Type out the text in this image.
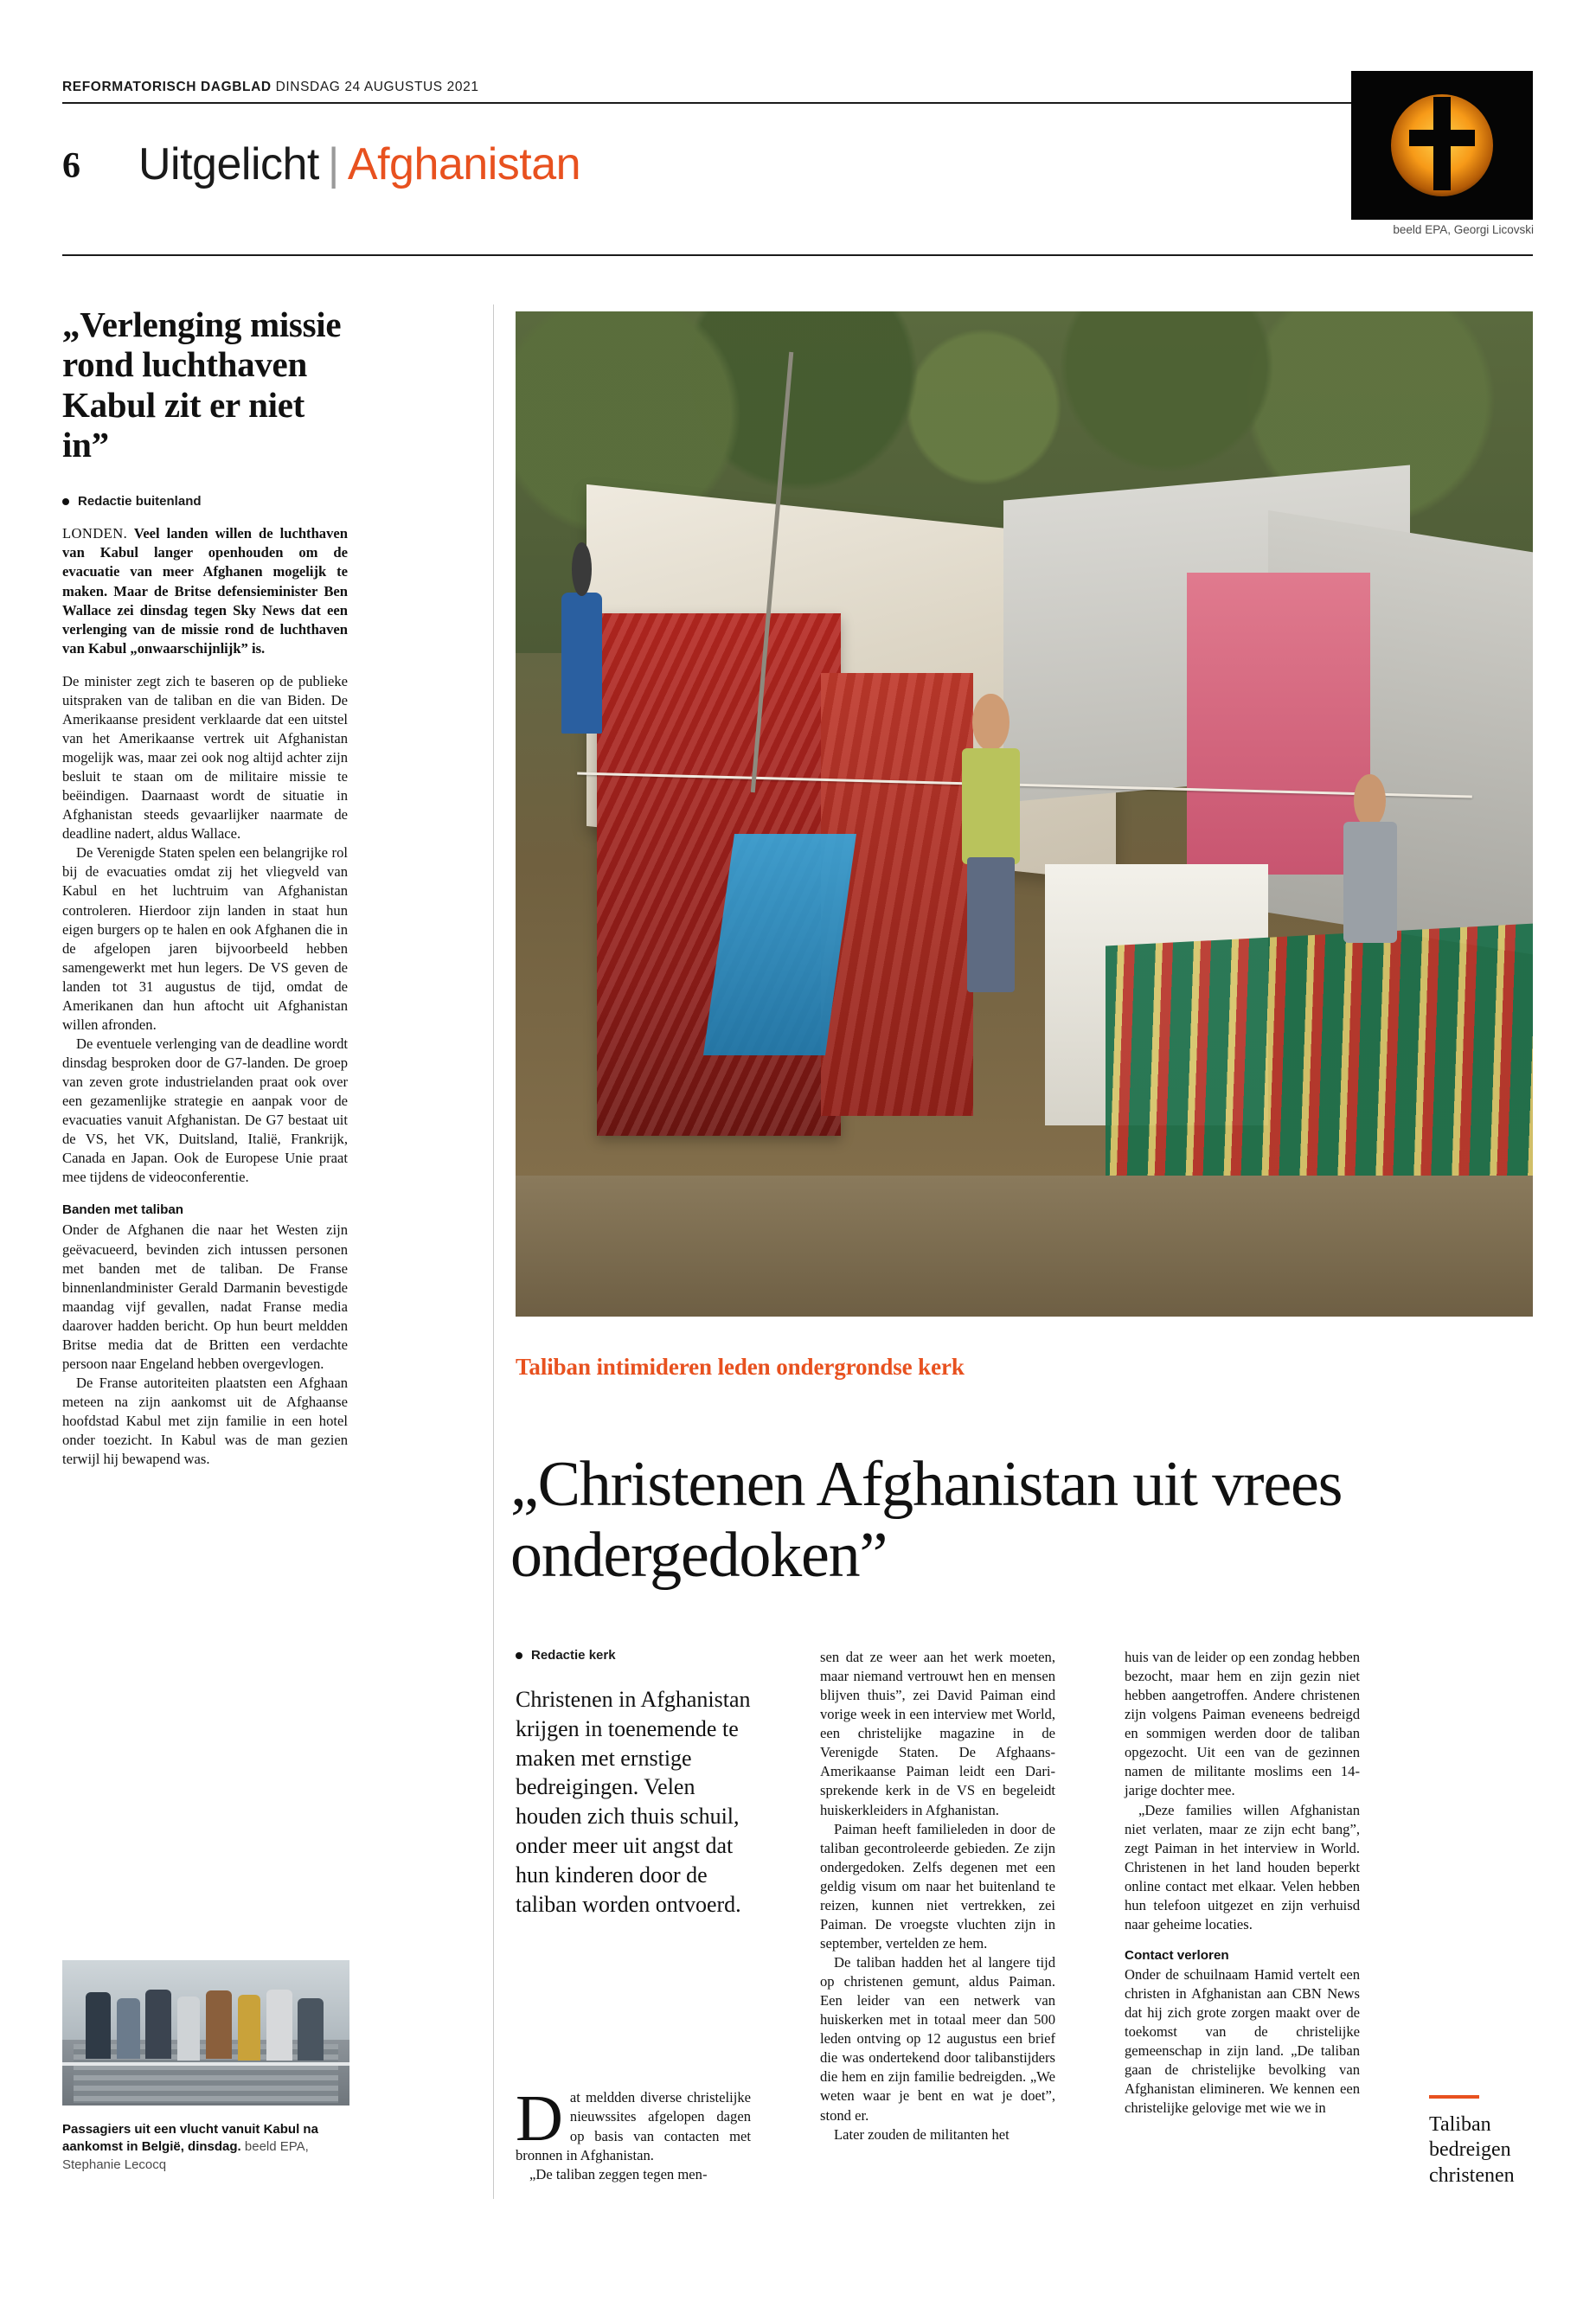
REFORMATORISCH DAGBLAD DINSDAG 24 AUGUSTUS 2021
6 Uitgelicht | Afghanistan
beeld EPA, Georgi Licovski
„Verlenging missie rond luchthaven Kabul zit er niet in”
Redactie buitenland

LONDEN. Veel landen willen de luchthaven van Kabul langer openhouden om de evacuatie van meer Afghanen mogelijk te maken. Maar de Britse defensieminister Ben Wallace zei dinsdag tegen Sky News dat een verlenging van de missie rond de luchthaven van Kabul „onwaarschijnlijk” is.

De minister zegt zich te baseren op de publieke uitspraken van de taliban en die van Biden. De Amerikaanse president verklaarde dat een uitstel van het Amerikaanse vertrek uit Afghanistan mogelijk was, maar zei ook nog altijd achter zijn besluit te staan om de militaire missie te beëindigen. Daarnaast wordt de situatie in Afghanistan steeds gevaarlijker naarmate de deadline nadert, aldus Wallace.

De Verenigde Staten spelen een belangrijke rol bij de evacuaties omdat zij het vliegveld van Kabul en het luchtruim van Afghanistan controleren. Hierdoor zijn landen in staat hun eigen burgers op te halen en ook Afghanen die in de afgelopen jaren bijvoorbeeld hebben samengewerkt met hun legers. De VS geven de landen tot 31 augustus de tijd, omdat de Amerikanen dan hun aftocht uit Afghanistan willen afronden.

De eventuele verlenging van de deadline wordt dinsdag besproken door de G7-landen. De groep van zeven grote industrielanden praat ook over een gezamenlijke strategie en aanpak voor de evacuaties vanuit Afghanistan. De G7 bestaat uit de VS, het VK, Duitsland, Italië, Frankrijk, Canada en Japan. Ook de Europese Unie praat mee tijdens de videoconferentie.

Banden met taliban

Onder de Afghanen die naar het Westen zijn geëvacueerd, bevinden zich intussen personen met banden met de taliban. De Franse binnenlandminister Gerald Darmanin bevestigde maandag vijf gevallen, nadat Franse media daarover hadden bericht. Op hun beurt meldden Britse media dat de Britten een verdachte persoon naar Engeland hebben overgevlogen.

De Franse autoriteiten plaatsten een Afghaan meteen na zijn aankomst uit de Afghaanse hoofdstad Kabul met zijn familie in een hotel onder toezicht. In Kabul was de man gezien terwijl hij bewapend was.

Passagiers uit een vlucht vanuit Kabul na aankomst in België, dinsdag. beeld EPA, Stephanie Lecocq
Taliban intimideren leden ondergrondse kerk
„Christenen Afghanistan uit vrees ondergedoken”
Redactie kerk

Christenen in Afghanistan krijgen in toenemende te maken met ernstige bedreigingen. Velen houden zich thuis schuil, onder meer uit angst dat hun kinderen door de taliban worden ontvoerd.

Dat meldden diverse christelijke nieuwssites afgelopen dagen op basis van contacten met bronnen in Afghanistan.

„De taliban zeggen tegen men-

sen dat ze weer aan het werk moeten, maar niemand vertrouwt hen en mensen blijven thuis”, zei David Paiman eind vorige week in een interview met World, een christelijke magazine in de Verenigde Staten. De Afghaans-Amerikaanse Paiman leidt een Dari-sprekende kerk in de VS en begeleidt huiskerkleiders in Afghanistan.

Paiman heeft familieleden in door de taliban gecontroleerde gebieden. Ze zijn ondergedoken. Zelfs degenen met een geldig visum om naar het buitenland te reizen, kunnen niet vertrekken, zei Paiman. De vroegste vluchten zijn in september, vertelden ze hem.

De taliban hadden het al langere tijd op christenen gemunt, aldus Paiman. Een leider van een netwerk van huiskerken met in totaal meer dan 500 leden ontving op 12 augustus een brief die was ondertekend door talibanstijders die hem en zijn familie bedreigden. „We weten waar je bent en wat je doet”, stond er.

Later zouden de militanten het

huis van de leider op een zondag hebben bezocht, maar hem en zijn gezin niet hebben aangetroffen. Andere christenen zijn volgens Paiman eveneens bedreigd en sommigen werden door de taliban opgezocht. Uit een van de gezinnen namen de militante moslims een 14-jarige dochter mee.

„Deze families willen Afghanistan niet verlaten, maar ze zijn echt bang”, zegt Paiman in het interview in World. Christenen in het land houden beperkt online contact met elkaar. Velen hebben hun telefoon uitgezet en zijn verhuisd naar geheime locaties.

Contact verloren

Onder de schuilnaam Hamid vertelt een christen in Afghanistan aan CBN News dat hij zich grote zorgen maakt over de toekomst van de christelijke gemeenschap in zijn land. „De taliban gaan de christelijke bevolking van Afghanistan elimineren. We kennen een christelijke gelovige met wie we in

Taliban bedreigen christenen
